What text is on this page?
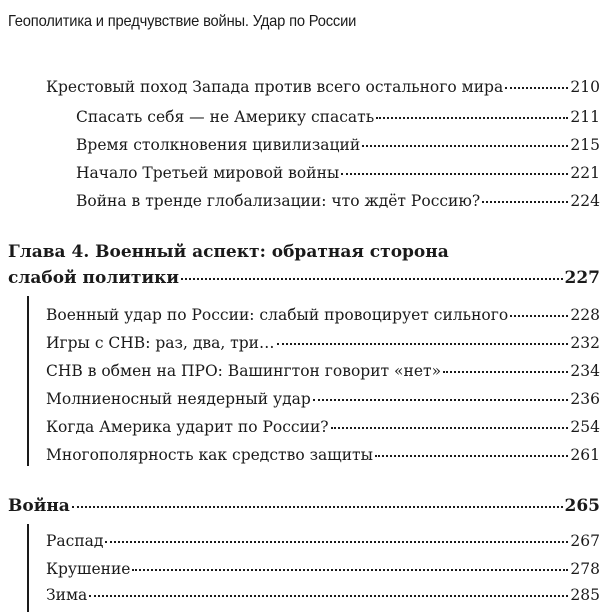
Геополитика и предчувствие войны. Удар по России
Крестовый поход Запада против всего остального мира	210
Спасать себя — не Америку спасать	211
Время столкновения цивилизаций	215
Начало Третьей мировой войны	221
Война в тренде глобализации: что ждёт Россию?	224
Глава 4. Военный аспект: обратная сторона
слабой политики	227
Военный удар по России: слабый провоцирует сильного	228
Игры с СНВ: раз, два, три…	232
СНВ в обмен на ПРО: Вашингтон говорит «нет»	234
Молниеносный неядерный удар	236
Когда Америка ударит по России?	254
Многополярность как средство защиты	261
Война	265
Распад	267
Крушение	278
Зима	285
